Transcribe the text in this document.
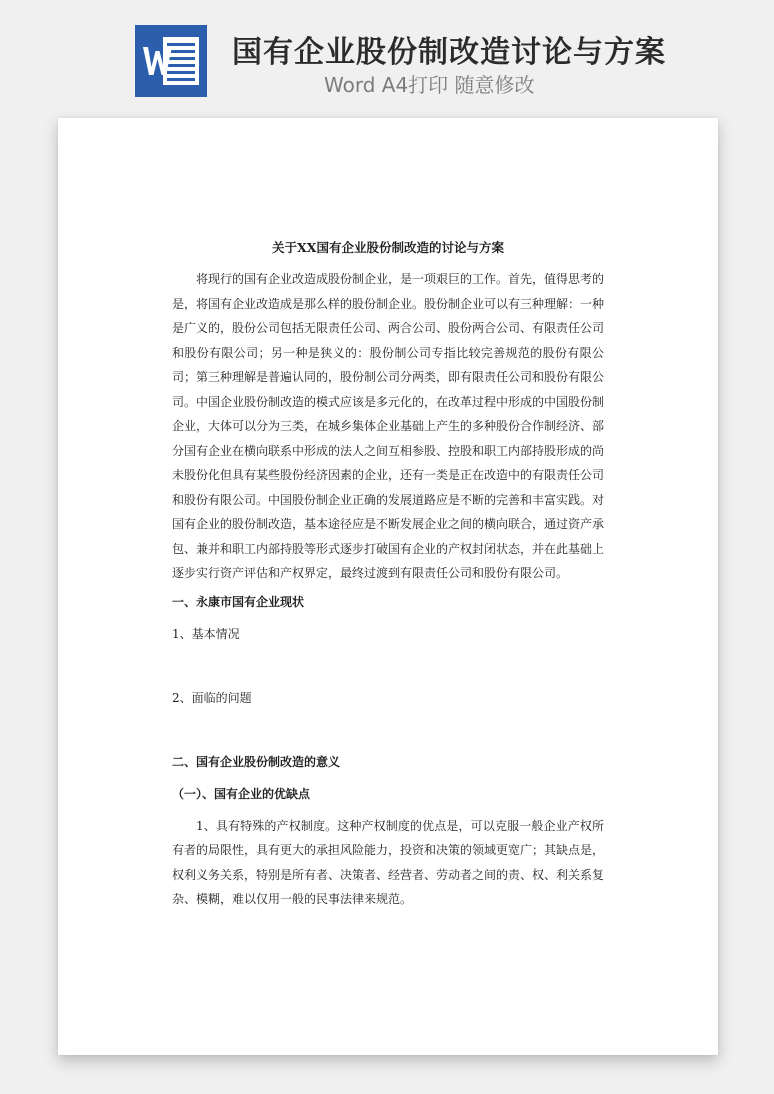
国有企业股份制改造讨论与方案
Word A4打印 随意修改

关于XX国有企业股份制改造的讨论与方案

将现行的国有企业改造成股份制企业，是一项艰巨的工作。首先，值得思考的是，将国有企业改造成是那么样的股份制企业。股份制企业可以有三种理解：一种是广义的，股份公司包括无限责任公司、两合公司、股份两合公司、有限责任公司和股份有限公司；另一种是狭义的：股份制公司专指比较完善规范的股份有限公司；第三种理解是普遍认同的，股份制公司分两类，即有限责任公司和股份有限公司。中国企业股份制改造的模式应该是多元化的，在改革过程中形成的中国股份制企业，大体可以分为三类，在城乡集体企业基础上产生的多种股份合作制经济、部分国有企业在横向联系中形成的法人之间互相参股、控股和职工内部持股形成的尚未股份化但具有某些股份经济因素的企业，还有一类是正在改造中的有限责任公司和股份有限公司。中国股份制企业正确的发展道路应是不断的完善和丰富实践。对国有企业的股份制改造，基本途径应是不断发展企业之间的横向联合，通过资产承包、兼并和职工内部持股等形式逐步打破国有企业的产权封闭状态，并在此基础上逐步实行资产评估和产权界定，最终过渡到有限责任公司和股份有限公司。

一、永康市国有企业现状

1、基本情况

2、面临的问题

二、国有企业股份制改造的意义

（一）、国有企业的优缺点

1、具有特殊的产权制度。这种产权制度的优点是，可以克服一般企业产权所有者的局限性，具有更大的承担风险能力，投资和决策的领域更宽广；其缺点是，权利义务关系，特别是所有者、决策者、经营者、劳动者之间的责、权、利关系复杂、模糊，难以仅用一般的民事法律来规范。
